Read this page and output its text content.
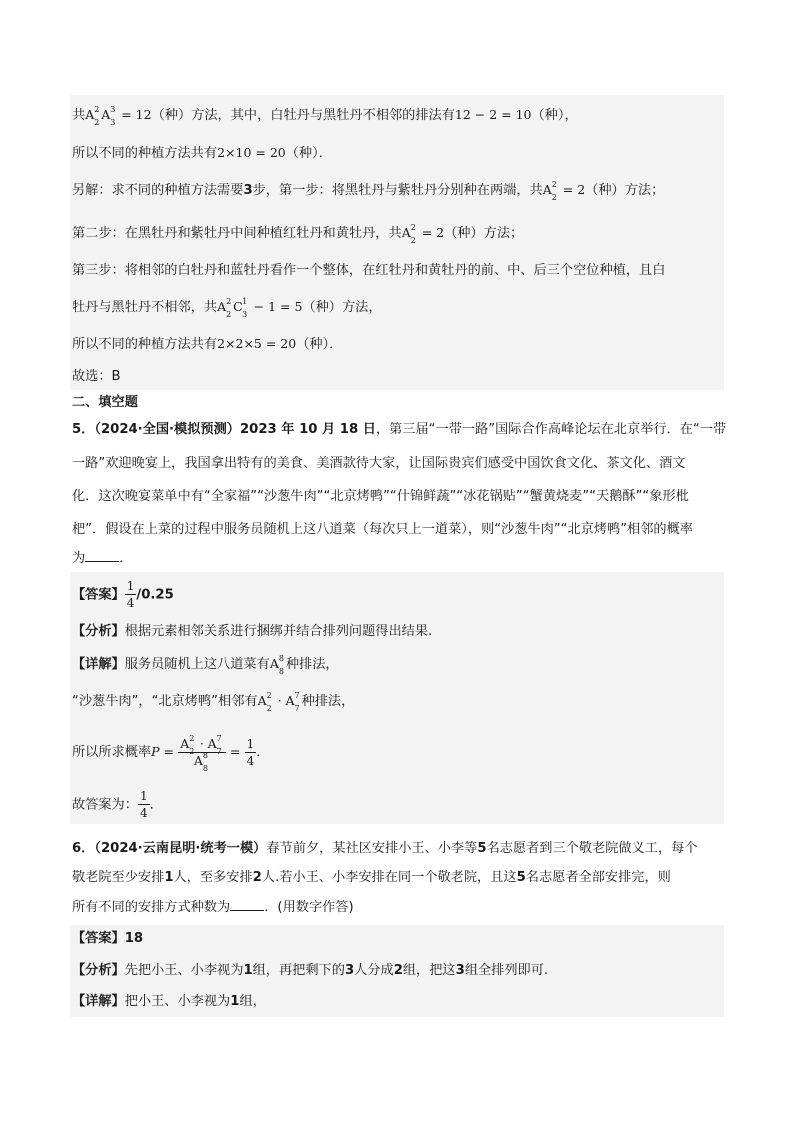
共A 2
2
A 3
3
= 12（种）方法，其中，白牡丹与黑牡丹不相邻的排法有12 − 2 = 10（种），
所以不同的种植方法共有2×10 = 20（种）．
另解：求不同的种植方法需要3步，第一步：将黑牡丹与紫牡丹分别种在两端，共A 2
2
= 2（种）方法；
第二步：在黑牡丹和紫牡丹中间种植红牡丹和黄牡丹，共A 2
2
= 2（种）方法；
第三步：将相邻的白牡丹和蓝牡丹看作一个整体，在红牡丹和黄牡丹的前、中、后三个空位种植，且白
牡丹与黑牡丹不相邻，共A 2
2
C 1
3
− 1 = 5（种）方法，
所以不同的种植方法共有2×2×5 = 20（种）．
故选：B
二、填空题
5．（2024·全国·模拟预测）2023 年 10 月 18 日，第三届“一带一路”国际合作高峰论坛在北京举行．在“一带
一路”欢迎晚宴上，我国拿出特有的美食、美酒款待大家，让国际贵宾们感受中国饮食文化、茶文化、酒文
化．这次晚宴菜单中有“全家福”“沙葱牛肉”“北京烤鸭”“什锦鲜蔬”“冰花锅贴”“蟹黄烧麦”“天鹅酥”“象形枇
杷”．假设在上菜的过程中服务员随机上这八道菜（每次只上一道菜），则“沙葱牛肉”“北京烤鸭”相邻的概率
为	．
【答案】 $\frac{1}{4} /0.25$
【分析】根据元素相邻关系进行捆绑并结合排列问题得出结果.
【详解】服务员随机上这八道菜有A 8
8 种排法，
“沙葱牛肉”，“北京烤鸭”相邻有A 2
2
· A 7
7 种排法，
所以所求概率P = A 2
2
· A 7
7
A 8
$8 = \frac{1}{4}$ ．
故答案为： $\frac{1}{4}$ ．
6．（2024·云南昆明·统考一模）春节前夕，某社区安排小王、小李等5名志愿者到三个敬老院做义工，每个
敬老院至少安排1人，至多安排2人.若小王、小李安排在同一个敬老院，且这5名志愿者全部安排完，则
所有不同的安排方式种数为	．(用数字作答)
【答案】18
【分析】先把小王、小李视为1组，再把剩下的3人分成2组，把这3组全排列即可.
【详解】把小王、小李视为1组，
